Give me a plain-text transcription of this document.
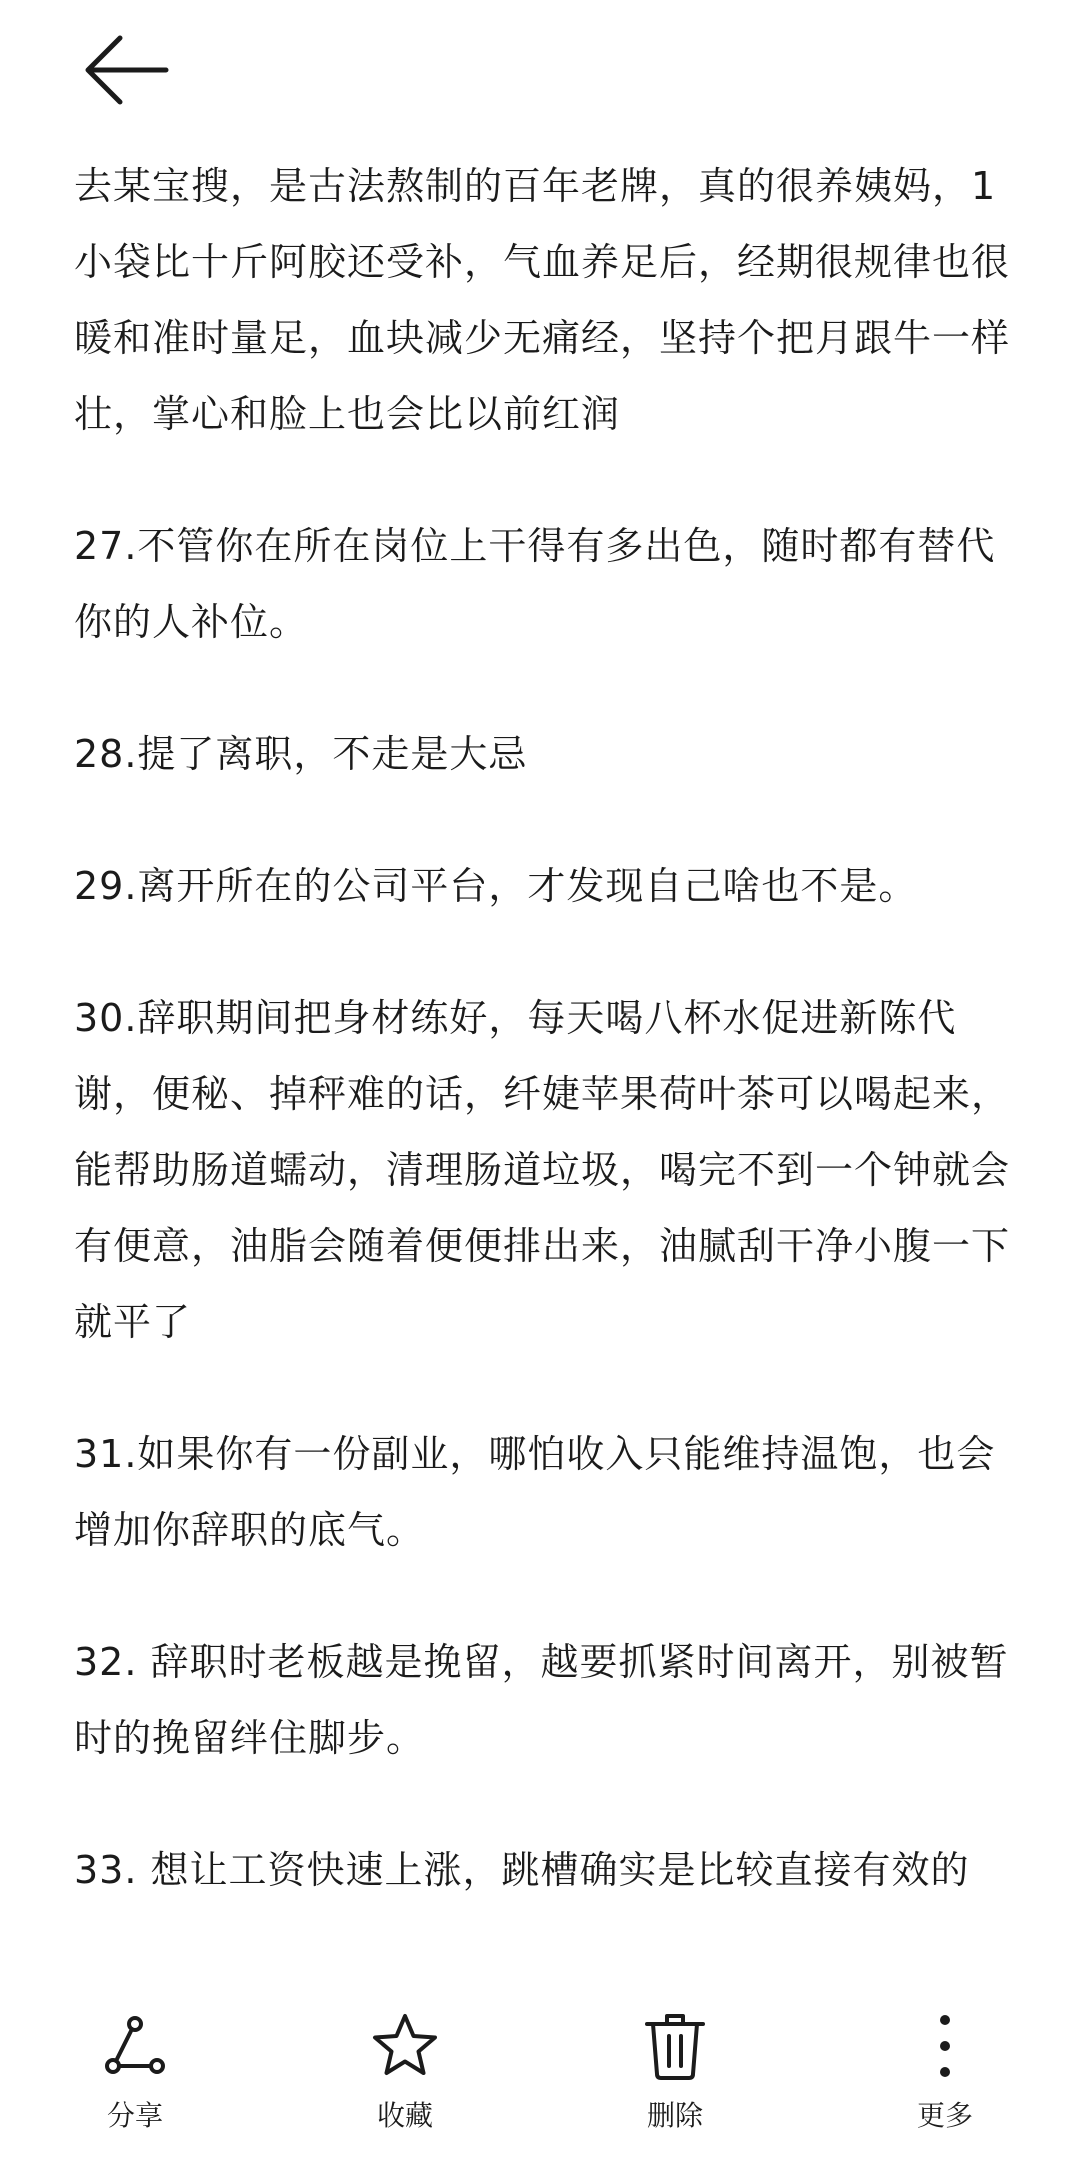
去某宝搜，是古法熬制的百年老牌，真的很养姨妈，1小袋比十斤阿胶还受补，气血养足后，经期很规律也很暖和准时量足，血块减少无痛经，坚持个把月跟牛一样壮，掌心和脸上也会比以前红润

27.不管你在所在岗位上干得有多出色，随时都有替代你的人补位。

28.提了离职，不走是大忌

29.离开所在的公司平台，才发现自己啥也不是。

30.辞职期间把身材练好，每天喝八杯水促进新陈代谢，便秘、掉秤难的话，纤婕苹果荷叶茶可以喝起来，能帮助肠道蠕动，清理肠道垃圾，喝完不到一个钟就会有便意，油脂会随着便便排出来，油腻刮干净小腹一下就平了

31.如果你有一份副业，哪怕收入只能维持温饱，也会增加你辞职的底气。

32. 辞职时老板越是挽留，越要抓紧时间离开，别被暂时的挽留绊住脚步。

33. 想让工资快速上涨，跳槽确实是比较直接有效的

分享	收藏	删除	更多
